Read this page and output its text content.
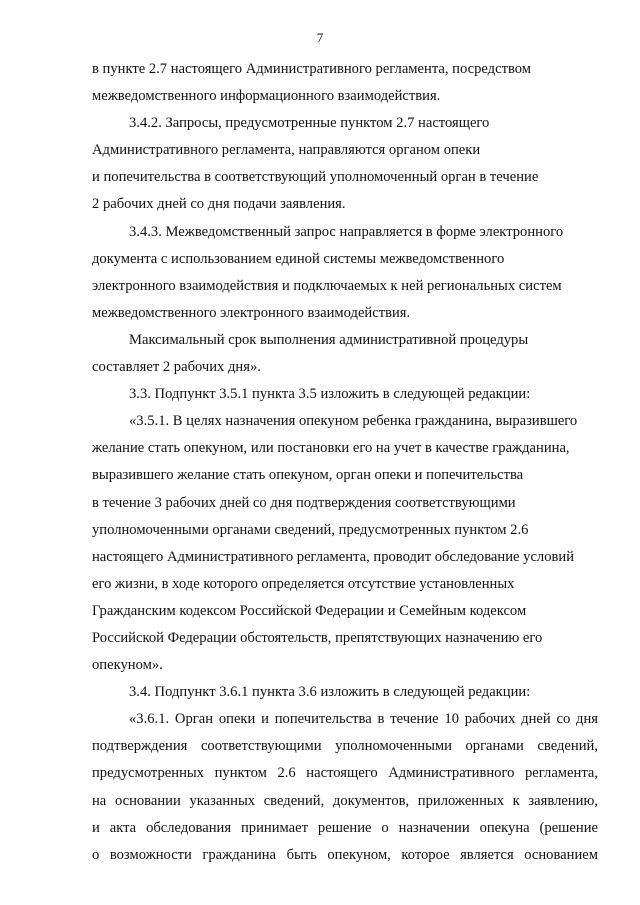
7

в пункте 2.7 настоящего Административного регламента, посредством
межведомственного информационного взаимодействия.

3.4.2. Запросы, предусмотренные пунктом 2.7 настоящего
Административного регламента, направляются органом опеки
и попечительства в соответствующий уполномоченный орган в течение
2 рабочих дней со дня подачи заявления.

3.4.3. Межведомственный запрос направляется в форме электронного
документа с использованием единой системы межведомственного
электронного взаимодействия и подключаемых к ней региональных систем
межведомственного электронного взаимодействия.

Максимальный срок выполнения административной процедуры
составляет 2 рабочих дня».

3.3. Подпункт 3.5.1 пункта 3.5 изложить в следующей редакции:

«3.5.1. В целях назначения опекуном ребенка гражданина, выразившего
желание стать опекуном, или постановки его на учет в качестве гражданина,
выразившего желание стать опекуном, орган опеки и попечительства
в течение 3 рабочих дней со дня подтверждения соответствующими
уполномоченными органами сведений, предусмотренных пунктом 2.6
настоящего Административного регламента, проводит обследование условий
его жизни, в ходе которого определяется отсутствие установленных
Гражданским кодексом Российской Федерации и Семейным кодексом
Российской Федерации обстоятельств, препятствующих назначению его
опекуном».

3.4. Подпункт 3.6.1 пункта 3.6 изложить в следующей редакции:

«3.6.1. Орган опеки и попечительства в течение 10 рабочих дней со дня
подтверждения соответствующими уполномоченными органами сведений,
предусмотренных пунктом 2.6 настоящего Административного регламента,
на основании указанных сведений, документов, приложенных к заявлению,
и акта обследования принимает решение о назначении опекуна (решение
о возможности гражданина быть опекуном, которое является основанием
